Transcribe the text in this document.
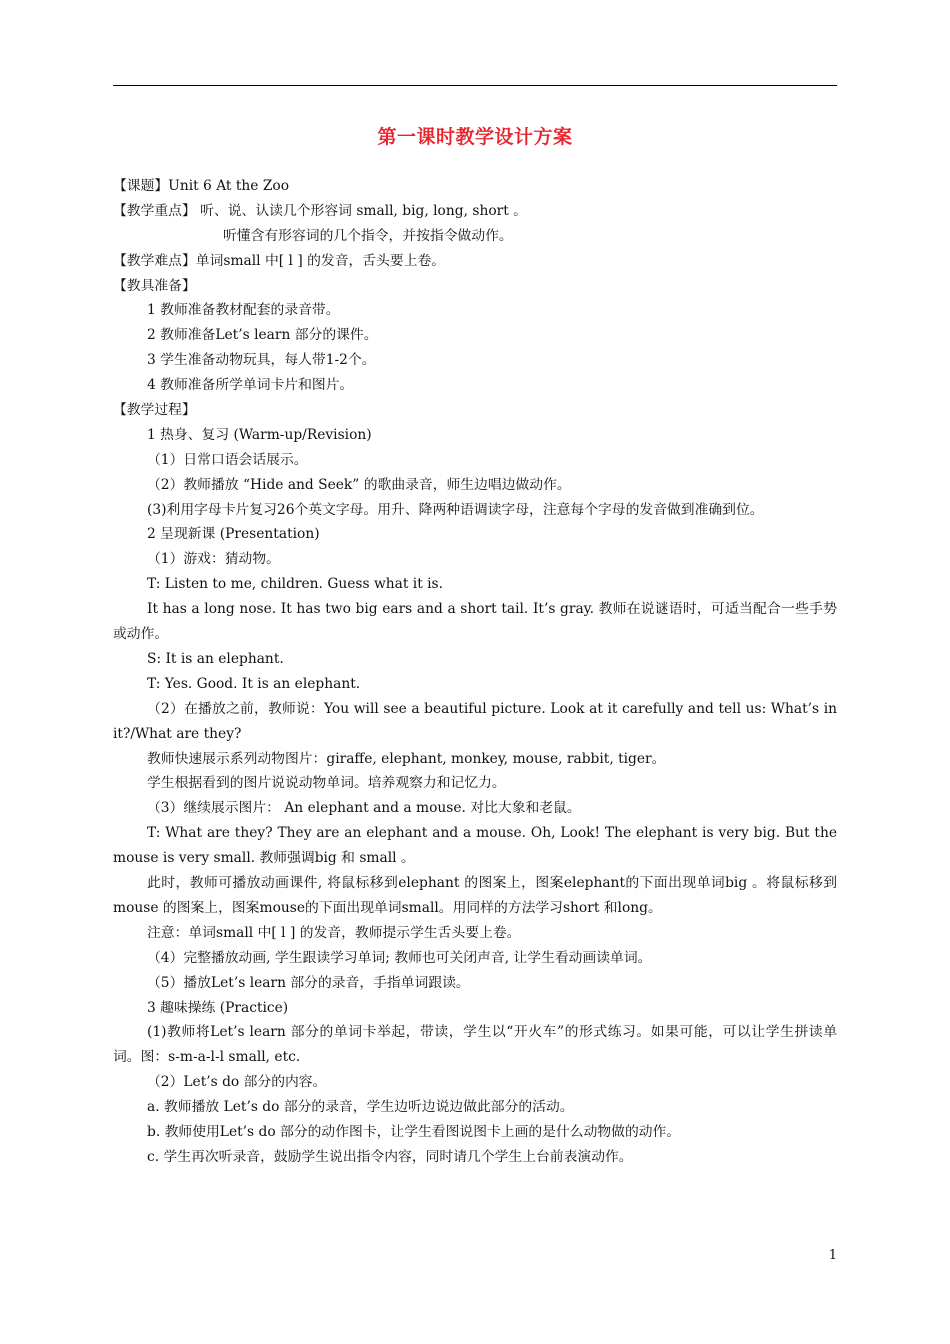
第一课时教学设计方案
【课题】Unit 6 At the Zoo
【教学重点】 听、说、认读几个形容词 small, big, long, short 。
听懂含有形容词的几个指令，并按指令做动作。
【教学难点】单词small 中[ l ] 的发音，舌头要上卷。
【教具准备】
1 教师准备教材配套的录音带。
2 教师准备Let’s learn 部分的课件。
3 学生准备动物玩具，每人带1-2个。
4 教师准备所学单词卡片和图片。
【教学过程】
1 热身、复习 (Warm-up/Revision)
（1）日常口语会话展示。
（2）教师播放 “Hide and Seek” 的歌曲录音，师生边唱边做动作。
(3)利用字母卡片复习26个英文字母。用升、降两种语调读字母，注意每个字母的发音做到准确到位。
2 呈现新课 (Presentation)
（1）游戏：猜动物。
T: Listen to me, children. Guess what it is.
It has a long nose. It has two big ears and a short tail. It’s gray. 教师在说谜语时，可适当配合一些手势或动作。
S: It is an elephant.
T: Yes. Good. It is an elephant.
（2）在播放之前，教师说：You will see a beautiful picture. Look at it carefully and tell us: What’s in it?/What are they?
教师快速展示系列动物图片：giraffe, elephant, monkey, mouse, rabbit, tiger。
学生根据看到的图片说说动物单词。培养观察力和记忆力。
（3）继续展示图片： An elephant and a mouse. 对比大象和老鼠。
T: What are they? They are an elephant and a mouse. Oh, Look! The elephant is very big. But the mouse is very small. 教师强调big 和 small 。
此时，教师可播放动画课件, 将鼠标移到elephant 的图案上，图案elephant的下面出现单词big 。将鼠标移到mouse 的图案上，图案mouse的下面出现单词small。用同样的方法学习short 和long。
注意：单词small 中[ l ] 的发音，教师提示学生舌头要上卷。
（4）完整播放动画, 学生跟读学习单词; 教师也可关闭声音, 让学生看动画读单词。
（5）播放Let’s learn 部分的录音，手指单词跟读。
3 趣味操练 (Practice)
(1)教师将Let’s learn 部分的单词卡举起，带读，学生以“开火车”的形式练习。如果可能，可以让学生拼读单词。图：s-m-a-l-l small, etc.
（2）Let’s do 部分的内容。
a. 教师播放 Let’s do 部分的录音，学生边听边说边做此部分的活动。
b. 教师使用Let’s do 部分的动作图卡，让学生看图说图卡上画的是什么动物做的动作。
c. 学生再次听录音，鼓励学生说出指令内容，同时请几个学生上台前表演动作。
1
